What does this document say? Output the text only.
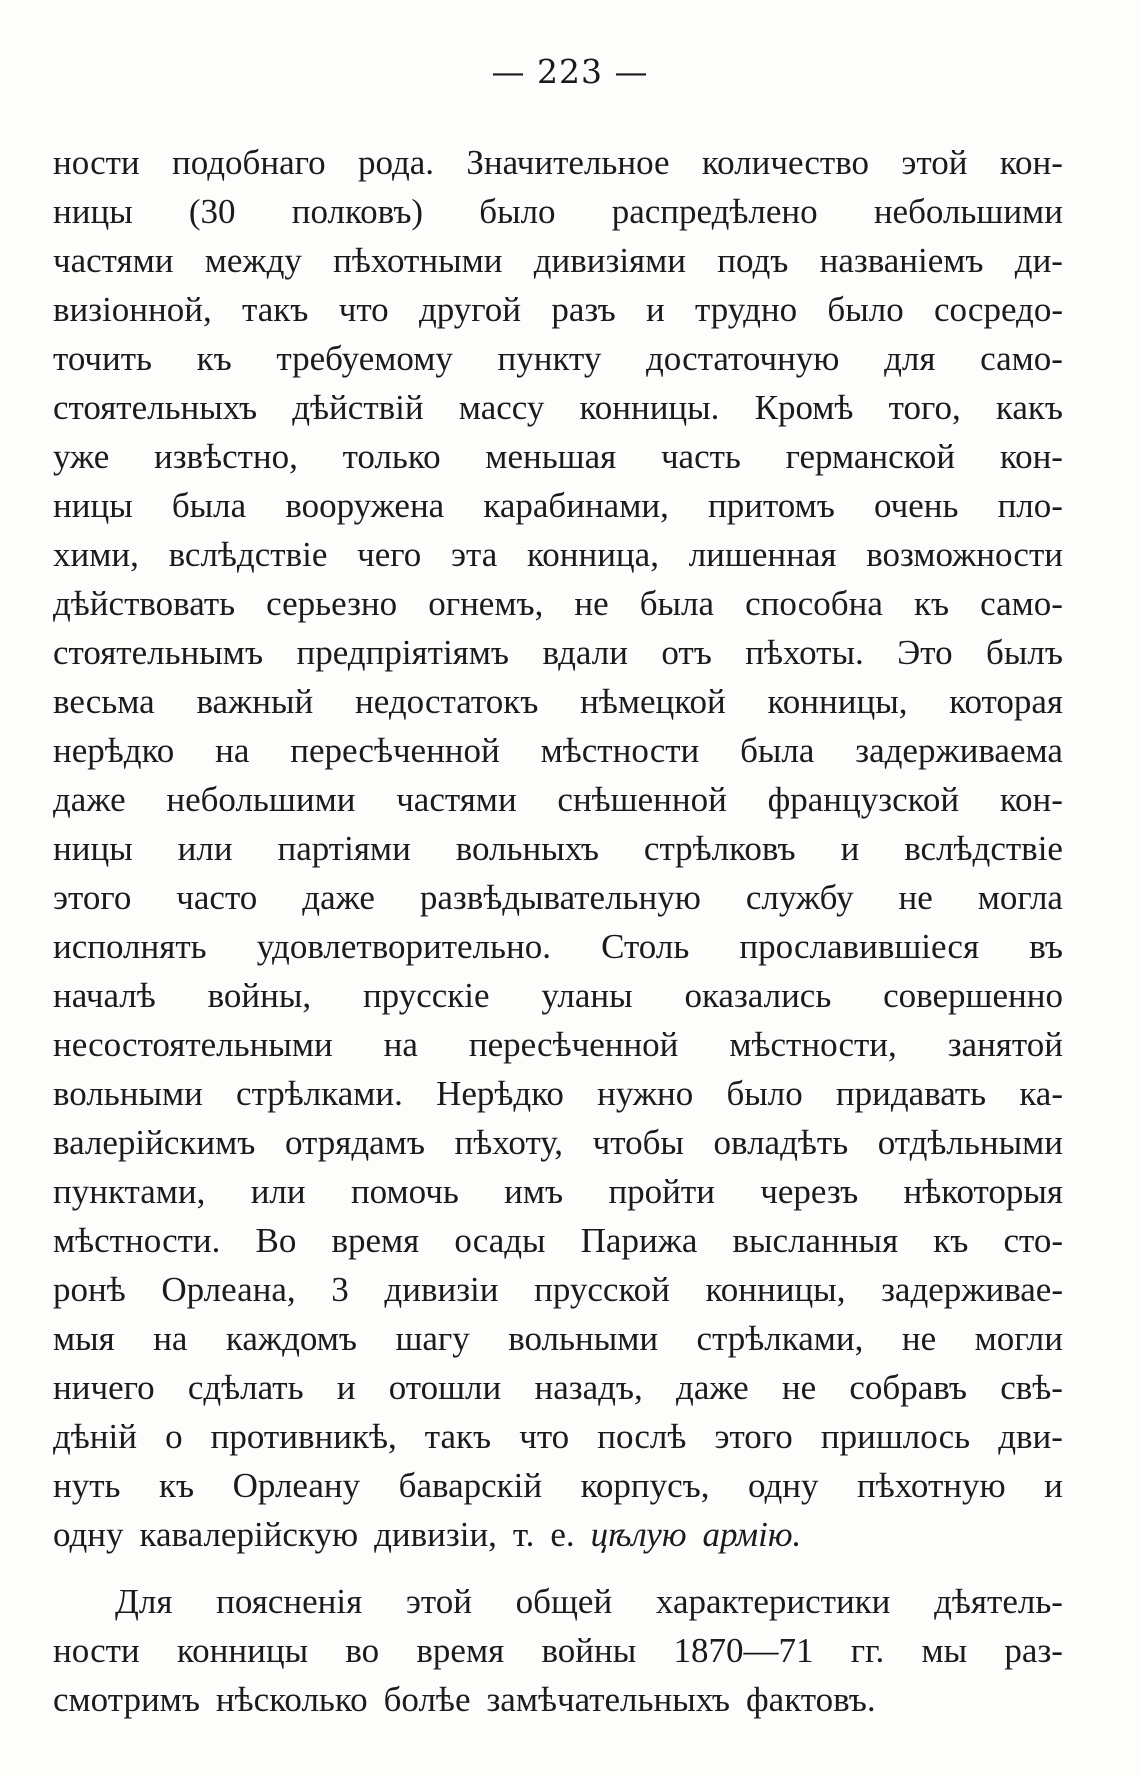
— 223 —
ности подобнаго рода. Значительное количество этой кон-
ницы (30 полковъ) было распредѣлено небольшими
частями между пѣхотными дивизіями подъ названіемъ ди-
визіонной, такъ что другой разъ и трудно было сосредо-
точить къ требуемому пункту достаточную для само-
стоятельныхъ дѣйствій массу конницы. Кромѣ того, какъ
уже извѣстно, только меньшая часть германской кон-
ницы была вооружена карабинами, притомъ очень пло-
хими, вслѣдствіе чего эта конница, лишенная возможности
дѣйствовать серьезно огнемъ, не была способна къ само-
стоятельнымъ предпріятіямъ вдали отъ пѣхоты. Это былъ
весьма важный недостатокъ нѣмецкой конницы, которая
нерѣдко на пересѣченной мѣстности была задерживаема
даже небольшими частями снѣшенной французской кон-
ницы или партіями вольныхъ стрѣлковъ и вслѣдствіе
этого часто даже развѣдывательную службу не могла
исполнять удовлетворительно. Столь прославившіеся въ
началѣ войны, прусскіе уланы оказались совершенно
несостоятельными на пересѣченной мѣстности, занятой
вольными стрѣлками. Нерѣдко нужно было придавать ка-
валерійскимъ отрядамъ пѣхоту, чтобы овладѣть отдѣльными
пунктами, или помочь имъ пройти черезъ нѣкоторыя
мѣстности. Во время осады Парижа высланныя къ сто-
ронѣ Орлеана, 3 дивизіи прусской конницы, задерживае-
мыя на каждомъ шагу вольными стрѣлками, не могли
ничего сдѣлать и отошли назадъ, даже не собравъ свѣ-
дѣній о противникѣ, такъ что послѣ этого пришлось дви-
нуть къ Орлеану баварскій корпусъ, одну пѣхотную и
одну кавалерійскую дивизіи, т. е. цѣлую армію.
Для поясненія этой общей характеристики дѣятель-
ности конницы во время войны 1870—71 гг. мы раз-
смотримъ нѣсколько болѣе замѣчательныхъ фактовъ.
